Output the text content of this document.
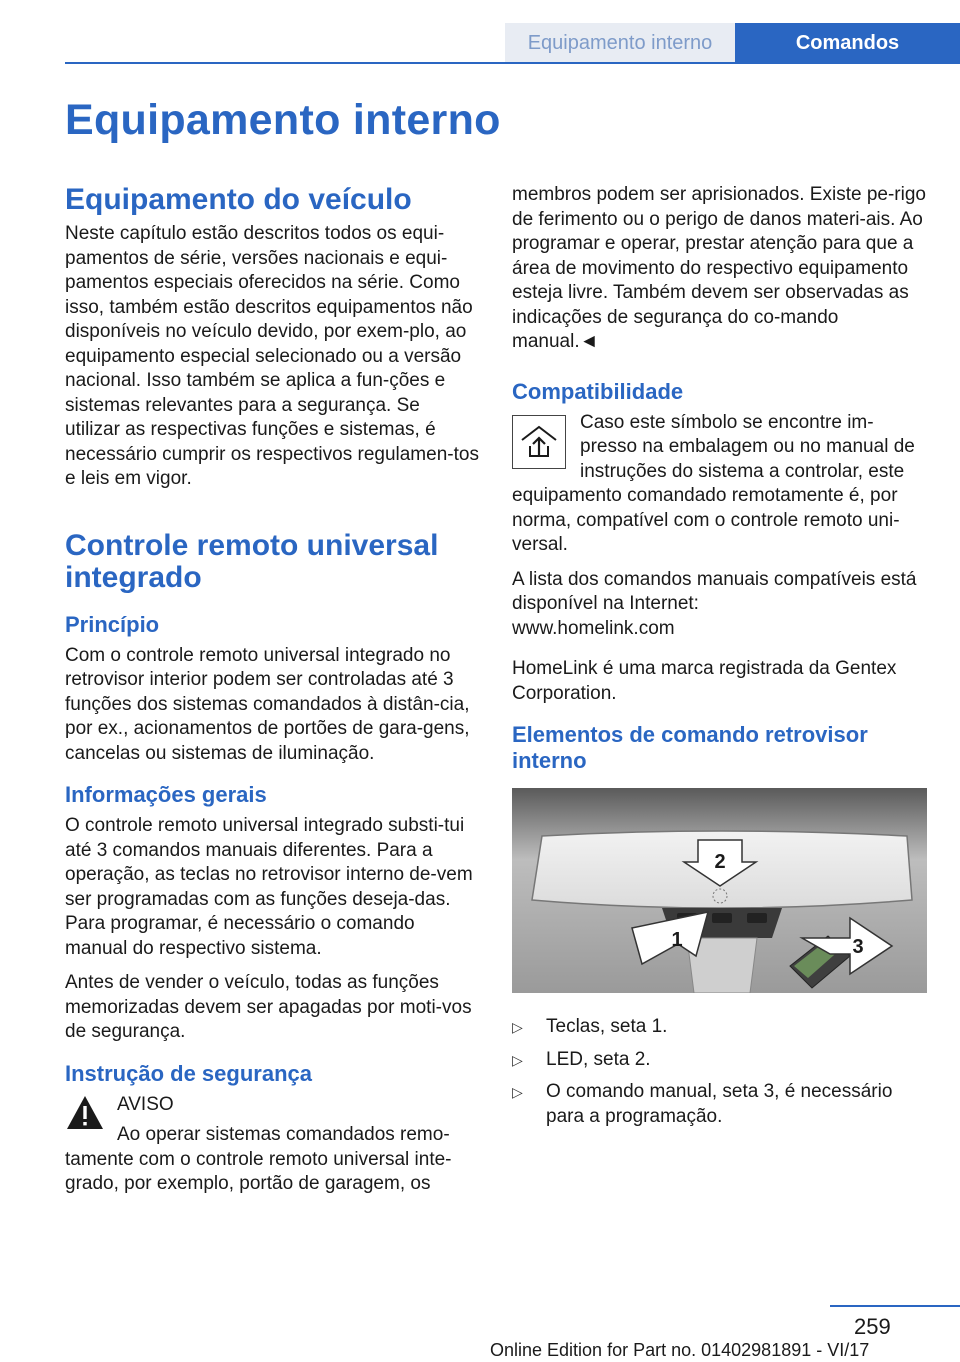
Equipamento interno	Comandos
Equipamento interno
Equipamento do veículo

Neste capítulo estão descritos todos os equi-pamentos de série, versões nacionais e equi-pamentos especiais oferecidos na série. Como isso, também estão descritos equipamentos não disponíveis no veículo devido, por exem-plo, ao equipamento especial selecionado ou a versão nacional. Isso também se aplica a fun-ções e sistemas relevantes para a segurança. Se utilizar as respectivas funções e sistemas, é necessário cumprir os respectivos regulamen-tos e leis em vigor.

Controle remoto universal integrado
Princípio

Com o controle remoto universal integrado no retrovisor interior podem ser controladas até 3 funções dos sistemas comandados à distân-cia, por ex., acionamentos de portões de gara-gens, cancelas ou sistemas de iluminação.

Informações gerais

O controle remoto universal integrado substi-tui até 3 comandos manuais diferentes. Para a operação, as teclas no retrovisor interno de-vem ser programadas com as funções deseja-das. Para programar, é necessário o comando manual do respectivo sistema.

Antes de vender o veículo, todas as funções memorizadas devem ser apagadas por moti-vos de segurança.

Instrução de segurança

AVISO

Ao operar sistemas comandados remo-

tamente com o controle remoto universal inte-grado, por exemplo, portão de garagem, os

membros podem ser aprisionados. Existe pe-rigo de ferimento ou o perigo de danos materi-ais. Ao programar e operar, prestar atenção para que a área de movimento do respectivo equipamento esteja livre. Também devem ser observadas as indicações de segurança do co-mando manual.◄

Compatibilidade

Caso este símbolo se encontre im-presso na embalagem ou no manual de instruções do sistema a controlar, este

equipamento comandado remotamente é, por norma, compatível com o controle remoto uni-versal.

A lista dos comandos manuais compatíveis está disponível na Internet:

www.homelink.com

HomeLink é uma marca registrada da Gentex Corporation.

Elementos de comando retrovisor interno
2
1	3
▷ Teclas, seta 1.
▷ LED, seta 2.
▷ O comando manual, seta 3, é necessário para a programação.
259
Online Edition for Part no. 01402981891 - VI/17
